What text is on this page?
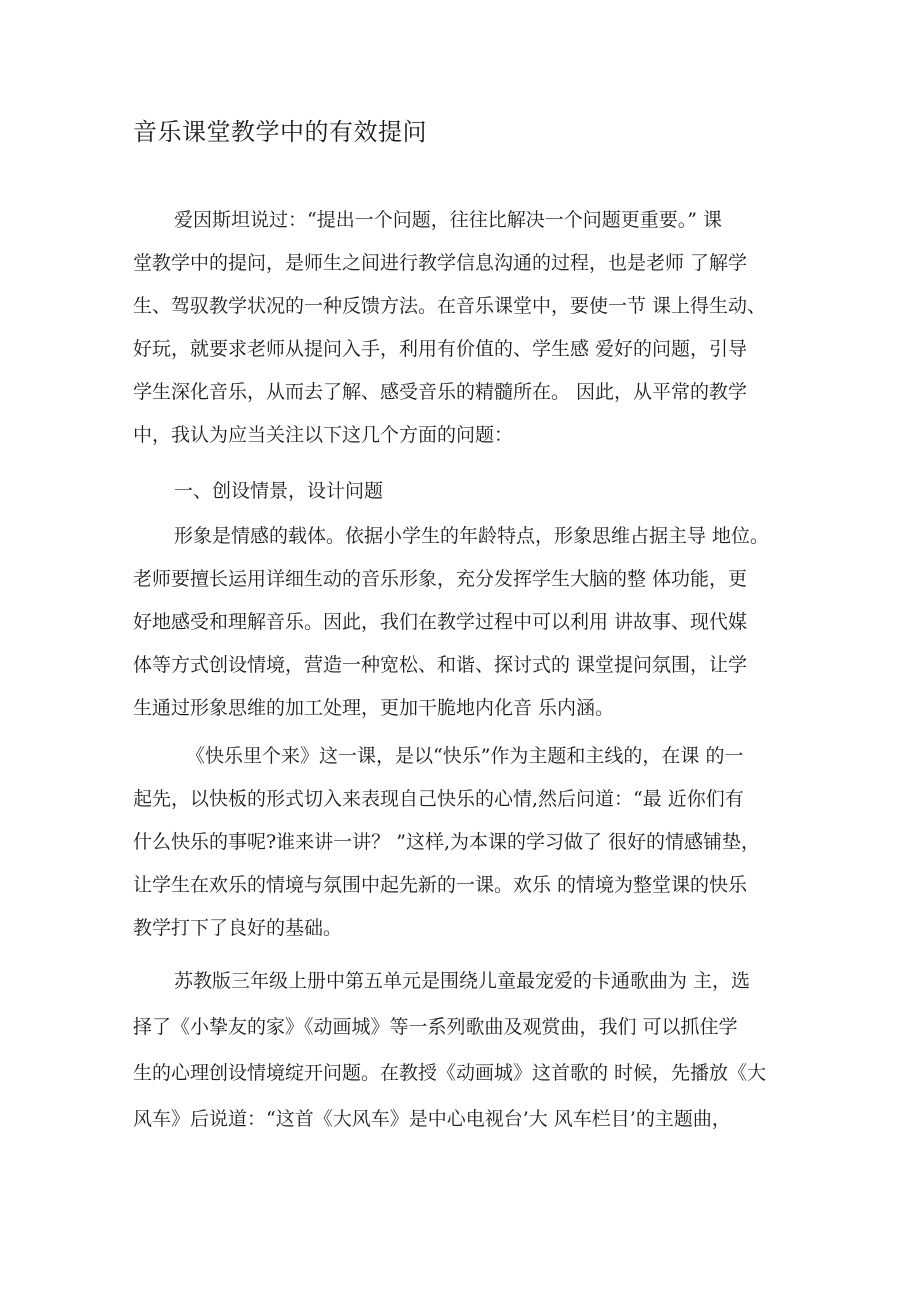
音乐课堂教学中的有效提问
爱因斯坦说过：“提出一个问题，往往比解决一个问题更重要。” 课
堂教学中的提问，是师生之间进行教学信息沟通的过程，也是老师 了解学
生、驾驭教学状况的一种反馈方法。在音乐课堂中，要使一节 课上得生动、
好玩，就要求老师从提问入手，利用有价值的、学生感 爱好的问题，引导
学生深化音乐，从而去了解、感受音乐的精髓所在。 因此，从平常的教学
中，我认为应当关注以下这几个方面的问题：
一、创设情景，设计问题
形象是情感的载体。依据小学生的年龄特点，形象思维占据主导 地位。
老师要擅长运用详细生动的音乐形象，充分发挥学生大脑的整 体功能，更
好地感受和理解音乐。因此，我们在教学过程中可以利用 讲故事、现代媒
体等方式创设情境，营造一种宽松、和谐、探讨式的 课堂提问氛围，让学
生通过形象思维的加工处理，更加干脆地内化音 乐内涵。
《快乐里个来》这一课，是以“快乐”作为主题和主线的，在课 的一
起先，以快板的形式切入来表现自己快乐的心情,然后问道：“最 近你们有
什么快乐的事呢?谁来讲一讲？ ”这样,为本课的学习做了 很好的情感铺垫，
让学生在欢乐的情境与氛围中起先新的一课。欢乐 的情境为整堂课的快乐
教学打下了良好的基础。
苏教版三年级上册中第五单元是围绕儿童最宠爱的卡通歌曲为 主，选
择了《小挚友的家》《动画城》等一系列歌曲及观赏曲，我们 可以抓住学
生的心理创设情境绽开问题。在教授《动画城》这首歌的 时候，先播放《大
风车》后说道：“这首《大风车》是中心电视台’大 风车栏目’的主题曲，
